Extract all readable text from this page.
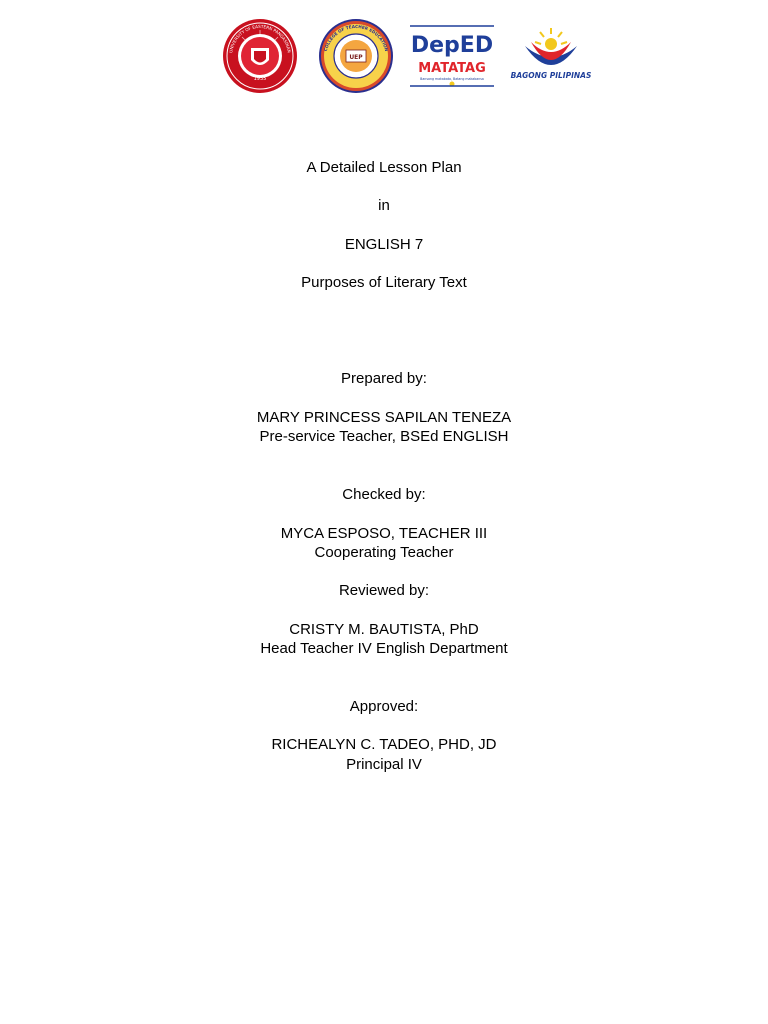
UNIVERSITY OF EASTERN PANGASINAN
1935
UEP
COLLEGE OF TEACHER EDUCATION DepED
MATATAG
Bansang makabata, Batang makabansa	BAGONG PILIPINAS
A Detailed Lesson Plan
in
ENGLISH 7
Purposes of Literary Text
Prepared by:
MARY PRINCESS SAPILAN TENEZA
Pre-service Teacher, BSEd ENGLISH
Checked by:
MYCA ESPOSO, TEACHER III
Cooperating Teacher
Reviewed by:
CRISTY M. BAUTISTA, PhD
Head Teacher IV English Department
Approved:
RICHEALYN C. TADEO, PHD, JD
Principal IV
